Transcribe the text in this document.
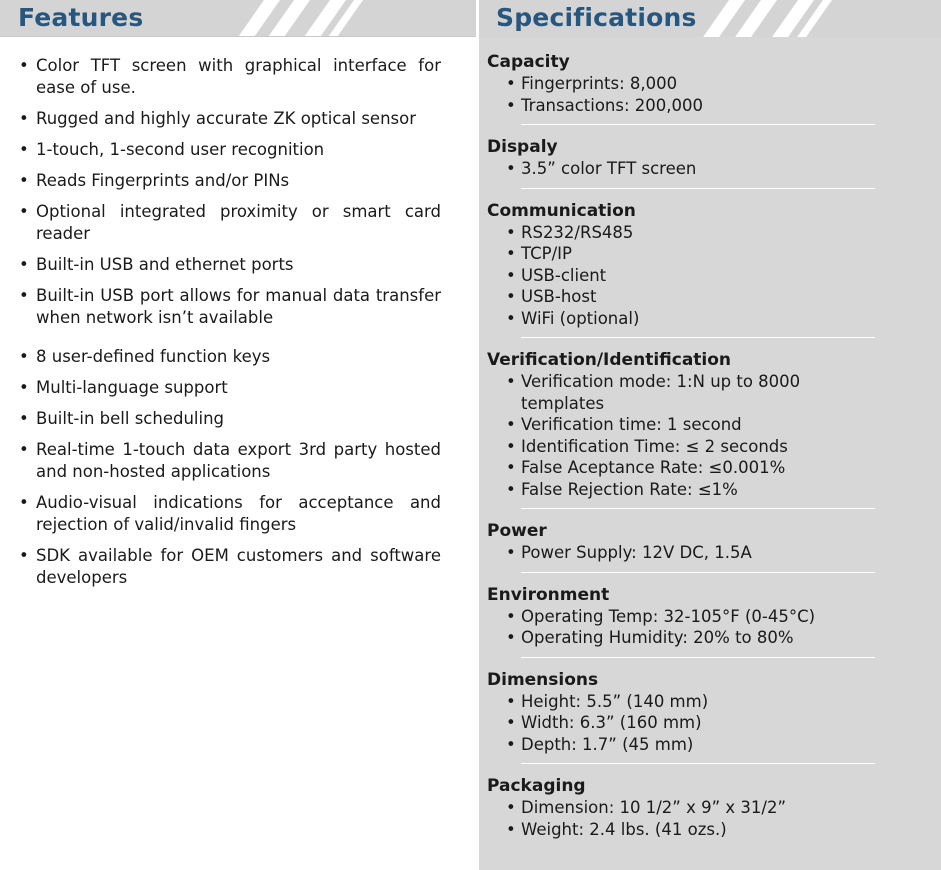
Features	Specifications
• Color TFT screen with graphical interface for ease of use.
• Rugged and highly accurate ZK optical sensor
• 1-touch, 1-second user recognition
• Reads Fingerprints and/or PINs
• Optional integrated proximity or smart card reader
• Built-in USB and ethernet ports
• Built-in USB port allows for manual data transfer when network isn’t available
• 8 user-defined function keys
• Multi-language support
• Built-in bell scheduling
• Real-time 1-touch data export 3rd party hosted and non-hosted applications
• Audio-visual indications for acceptance and rejection of valid/invalid fingers
• SDK available for OEM customers and software developers
Capacity
• Fingerprints: 8,000
• Transactions: 200,000
Dispaly
• 3.5” color TFT screen
Communication
• RS232/RS485
• TCP/IP
• USB-client
• USB-host
• WiFi (optional)
Verification/Identification
• Verification mode: 1:N up to 8000 templates
• Verification time: 1 second
• Identification Time: ≤ 2 seconds
• False Aceptance Rate: ≤0.001%
• False Rejection Rate: ≤1%
Power
• Power Supply: 12V DC, 1.5A
Environment
• Operating Temp: 32-105°F (0-45°C)
• Operating Humidity: 20% to 80%
Dimensions
• Height: 5.5” (140 mm)
• Width: 6.3” (160 mm)
• Depth: 1.7” (45 mm)
Packaging
• Dimension: 10 1/2” x 9” x 31/2”
• Weight: 2.4 lbs. (41 ozs.)
